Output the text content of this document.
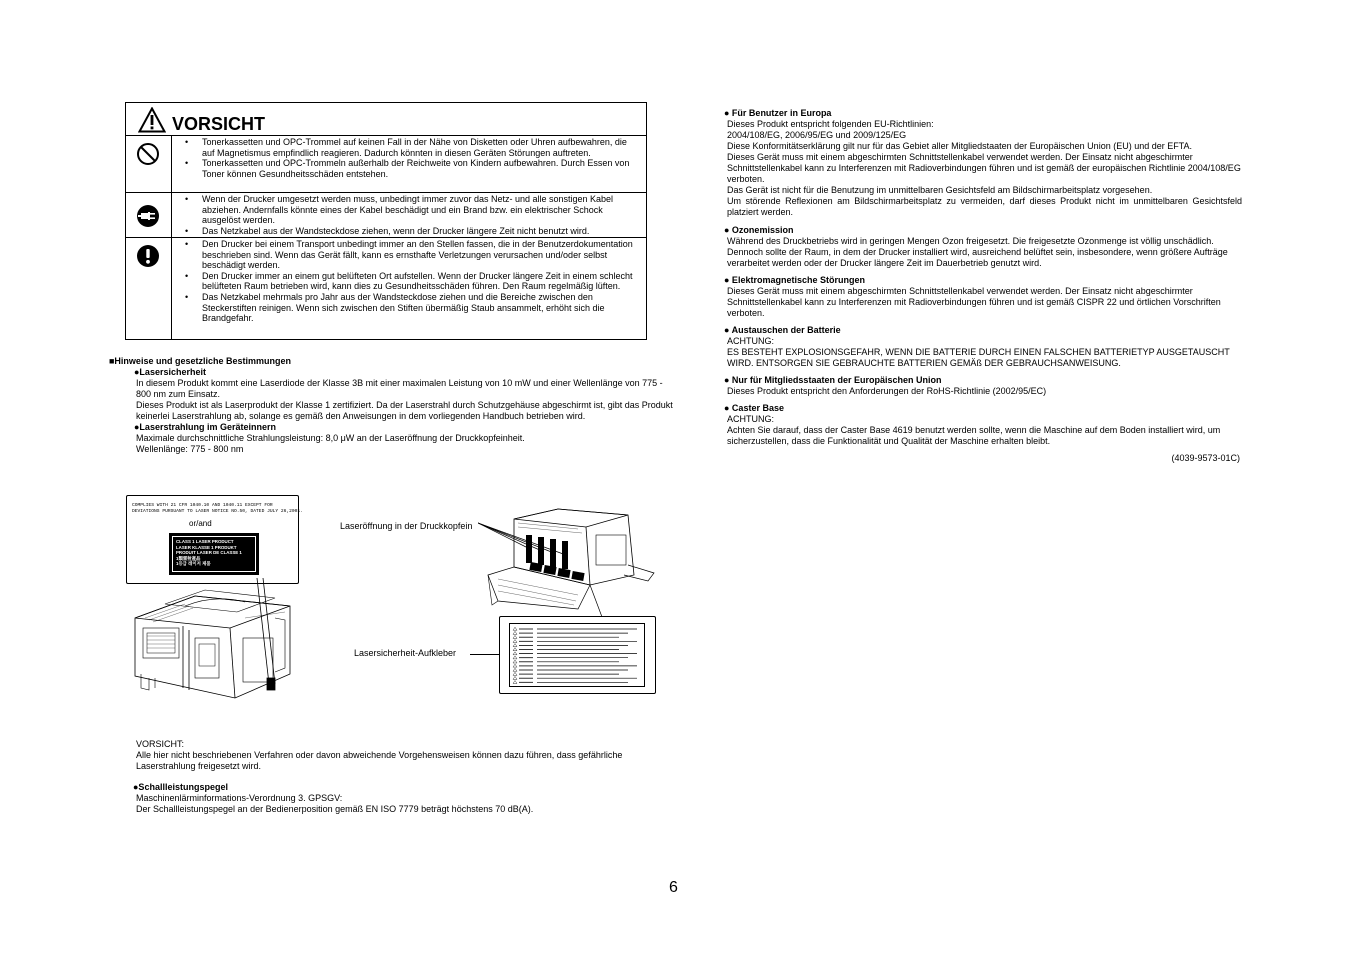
VORSICHT
• Tonerkassetten und OPC-Trommel auf keinen Fall in der Nähe von Disketten oder Uhren aufbewahren, die auf Magnetismus empfindlich reagieren. Dadurch könnten in diesen Geräten Störungen auftreten.
• Tonerkassetten und OPC-Trommeln außerhalb der Reichweite von Kindern aufbewahren. Durch Essen von Toner können Gesundheitsschäden entstehen.
• Wenn der Drucker umgesetzt werden muss, unbedingt immer zuvor das Netz- und alle sonstigen Kabel abziehen. Andernfalls könnte eines der Kabel beschädigt und ein Brand bzw. ein elektrischer Schock ausgelöst werden.
• Das Netzkabel aus der Wandsteckdose ziehen, wenn der Drucker längere Zeit nicht benutzt wird.
• Den Drucker bei einem Transport unbedingt immer an den Stellen fassen, die in der Benutzerdokumentation beschrieben sind. Wenn das Gerät fällt, kann es ernsthafte Verletzungen verursachen und/oder selbst beschädigt werden.
• Den Drucker immer an einem gut belüfteten Ort aufstellen. Wenn der Drucker längere Zeit in einem schlecht belüfteten Raum betrieben wird, kann dies zu Gesundheitsschäden führen. Den Raum regelmäßig lüften.
• Das Netzkabel mehrmals pro Jahr aus der Wandsteckdose ziehen und die Bereiche zwischen den Steckerstiften reinigen. Wenn sich zwischen den Stiften übermäßig Staub ansammelt, erhöht sich die Brandgefahr.

■Hinweise und gesetzliche Bestimmungen

●Lasersicherheit

In diesem Produkt kommt eine Laserdiode der Klasse 3B mit einer maximalen Leistung von 10 mW und einer Wellenlänge von 775 - 800 nm zum Einsatz.

Dieses Produkt ist als Laserprodukt der Klasse 1 zertifiziert. Da der Laserstrahl durch Schutzgehäuse abgeschirmt ist, gibt das Produkt keinerlei Laserstrahlung ab, solange es gemäß den Anweisungen in dem vorliegenden Handbuch betrieben wird.

●Laserstrahlung im Geräteinnern

Maximale durchschnittliche Strahlungsleistung: 8,0 μW an der Laseröffnung der Druckkopfeinheit.

Wellenlänge: 775 - 800 nm

COMPLIES WITH 21 CFR 1040.10 AND 1040.11 EXCEPT FOR
DEVIATIONS PURSUANT TO LASER NOTICE NO.50, DATED JULY 26,2001.
or/and
CLASS 1 LASER PRODUCT
LASER KLASSE 1 PRODUKT
PRODUIT LASER DE CLASSE 1
1類雷射產品
1등급 레이저 제품
Laseröffnung in der Druckkopfein
Lasersicherheit-Aufkleber

VORSICHT:

Alle hier nicht beschriebenen Verfahren oder davon abweichende Vorgehensweisen können dazu führen, dass gefährliche Laserstrahlung freigesetzt wird.

●Schallleistungspegel

Maschinenlärminformations-Verordnung 3. GPSGV:

Der Schallleistungspegel an der Bedienerposition gemäß EN ISO 7779 beträgt höchstens 70 dB(A).

● Für Benutzer in Europa

Dieses Produkt entspricht folgenden EU-Richtlinien:

2004/108/EG, 2006/95/EG und 2009/125/EG

Diese Konformitätserklärung gilt nur für das Gebiet aller Mitgliedstaaten der Europäischen Union (EU) und der EFTA.

Dieses Gerät muss mit einem abgeschirmten Schnittstellenkabel verwendet werden. Der Einsatz nicht abgeschirmter Schnittstellenkabel kann zu Interferenzen mit Radioverbindungen führen und ist gemäß der europäischen Richtlinie 2004/108/EG verboten.

Das Gerät ist nicht für die Benutzung im unmittelbaren Gesichtsfeld am Bildschirmarbeitsplatz vorgesehen.

Um störende Reflexionen am Bildschirmarbeitsplatz zu vermeiden, darf dieses Produkt nicht im unmittelbaren Gesichtsfeld platziert werden.

● Ozonemission

Während des Druckbetriebs wird in geringen Mengen Ozon freigesetzt. Die freigesetzte Ozonmenge ist völlig unschädlich. Dennoch sollte der Raum, in dem der Drucker installiert wird, ausreichend belüftet sein, insbesondere, wenn größere Aufträge verarbeitet werden oder der Drucker längere Zeit im Dauerbetrieb genutzt wird.

● Elektromagnetische Störungen

Dieses Gerät muss mit einem abgeschirmten Schnittstellenkabel verwendet werden. Der Einsatz nicht abgeschirmter Schnittstellenkabel kann zu Interferenzen mit Radioverbindungen führen und ist gemäß CISPR 22 und örtlichen Vorschriften verboten.

● Austauschen der Batterie

ACHTUNG:

ES BESTEHT EXPLOSIONSGEFAHR, WENN DIE BATTERIE DURCH EINEN FALSCHEN BATTERIETYP AUSGETAUSCHT WIRD. ENTSORGEN SIE GEBRAUCHTE BATTERIEN GEMÄß DER GEBRAUCHSANWEISUNG.

● Nur für Mitgliedsstaaten der Europäischen Union

Dieses Produkt entspricht den Anforderungen der RoHS-Richtlinie (2002/95/EC)

● Caster Base

ACHTUNG:

Achten Sie darauf, dass der Caster Base 4619 benutzt werden sollte, wenn die Maschine auf dem Boden installiert wird, um sicherzustellen, dass die Funktionalität und Qualität der Maschine erhalten bleibt.

(4039-9573-01C)

6
